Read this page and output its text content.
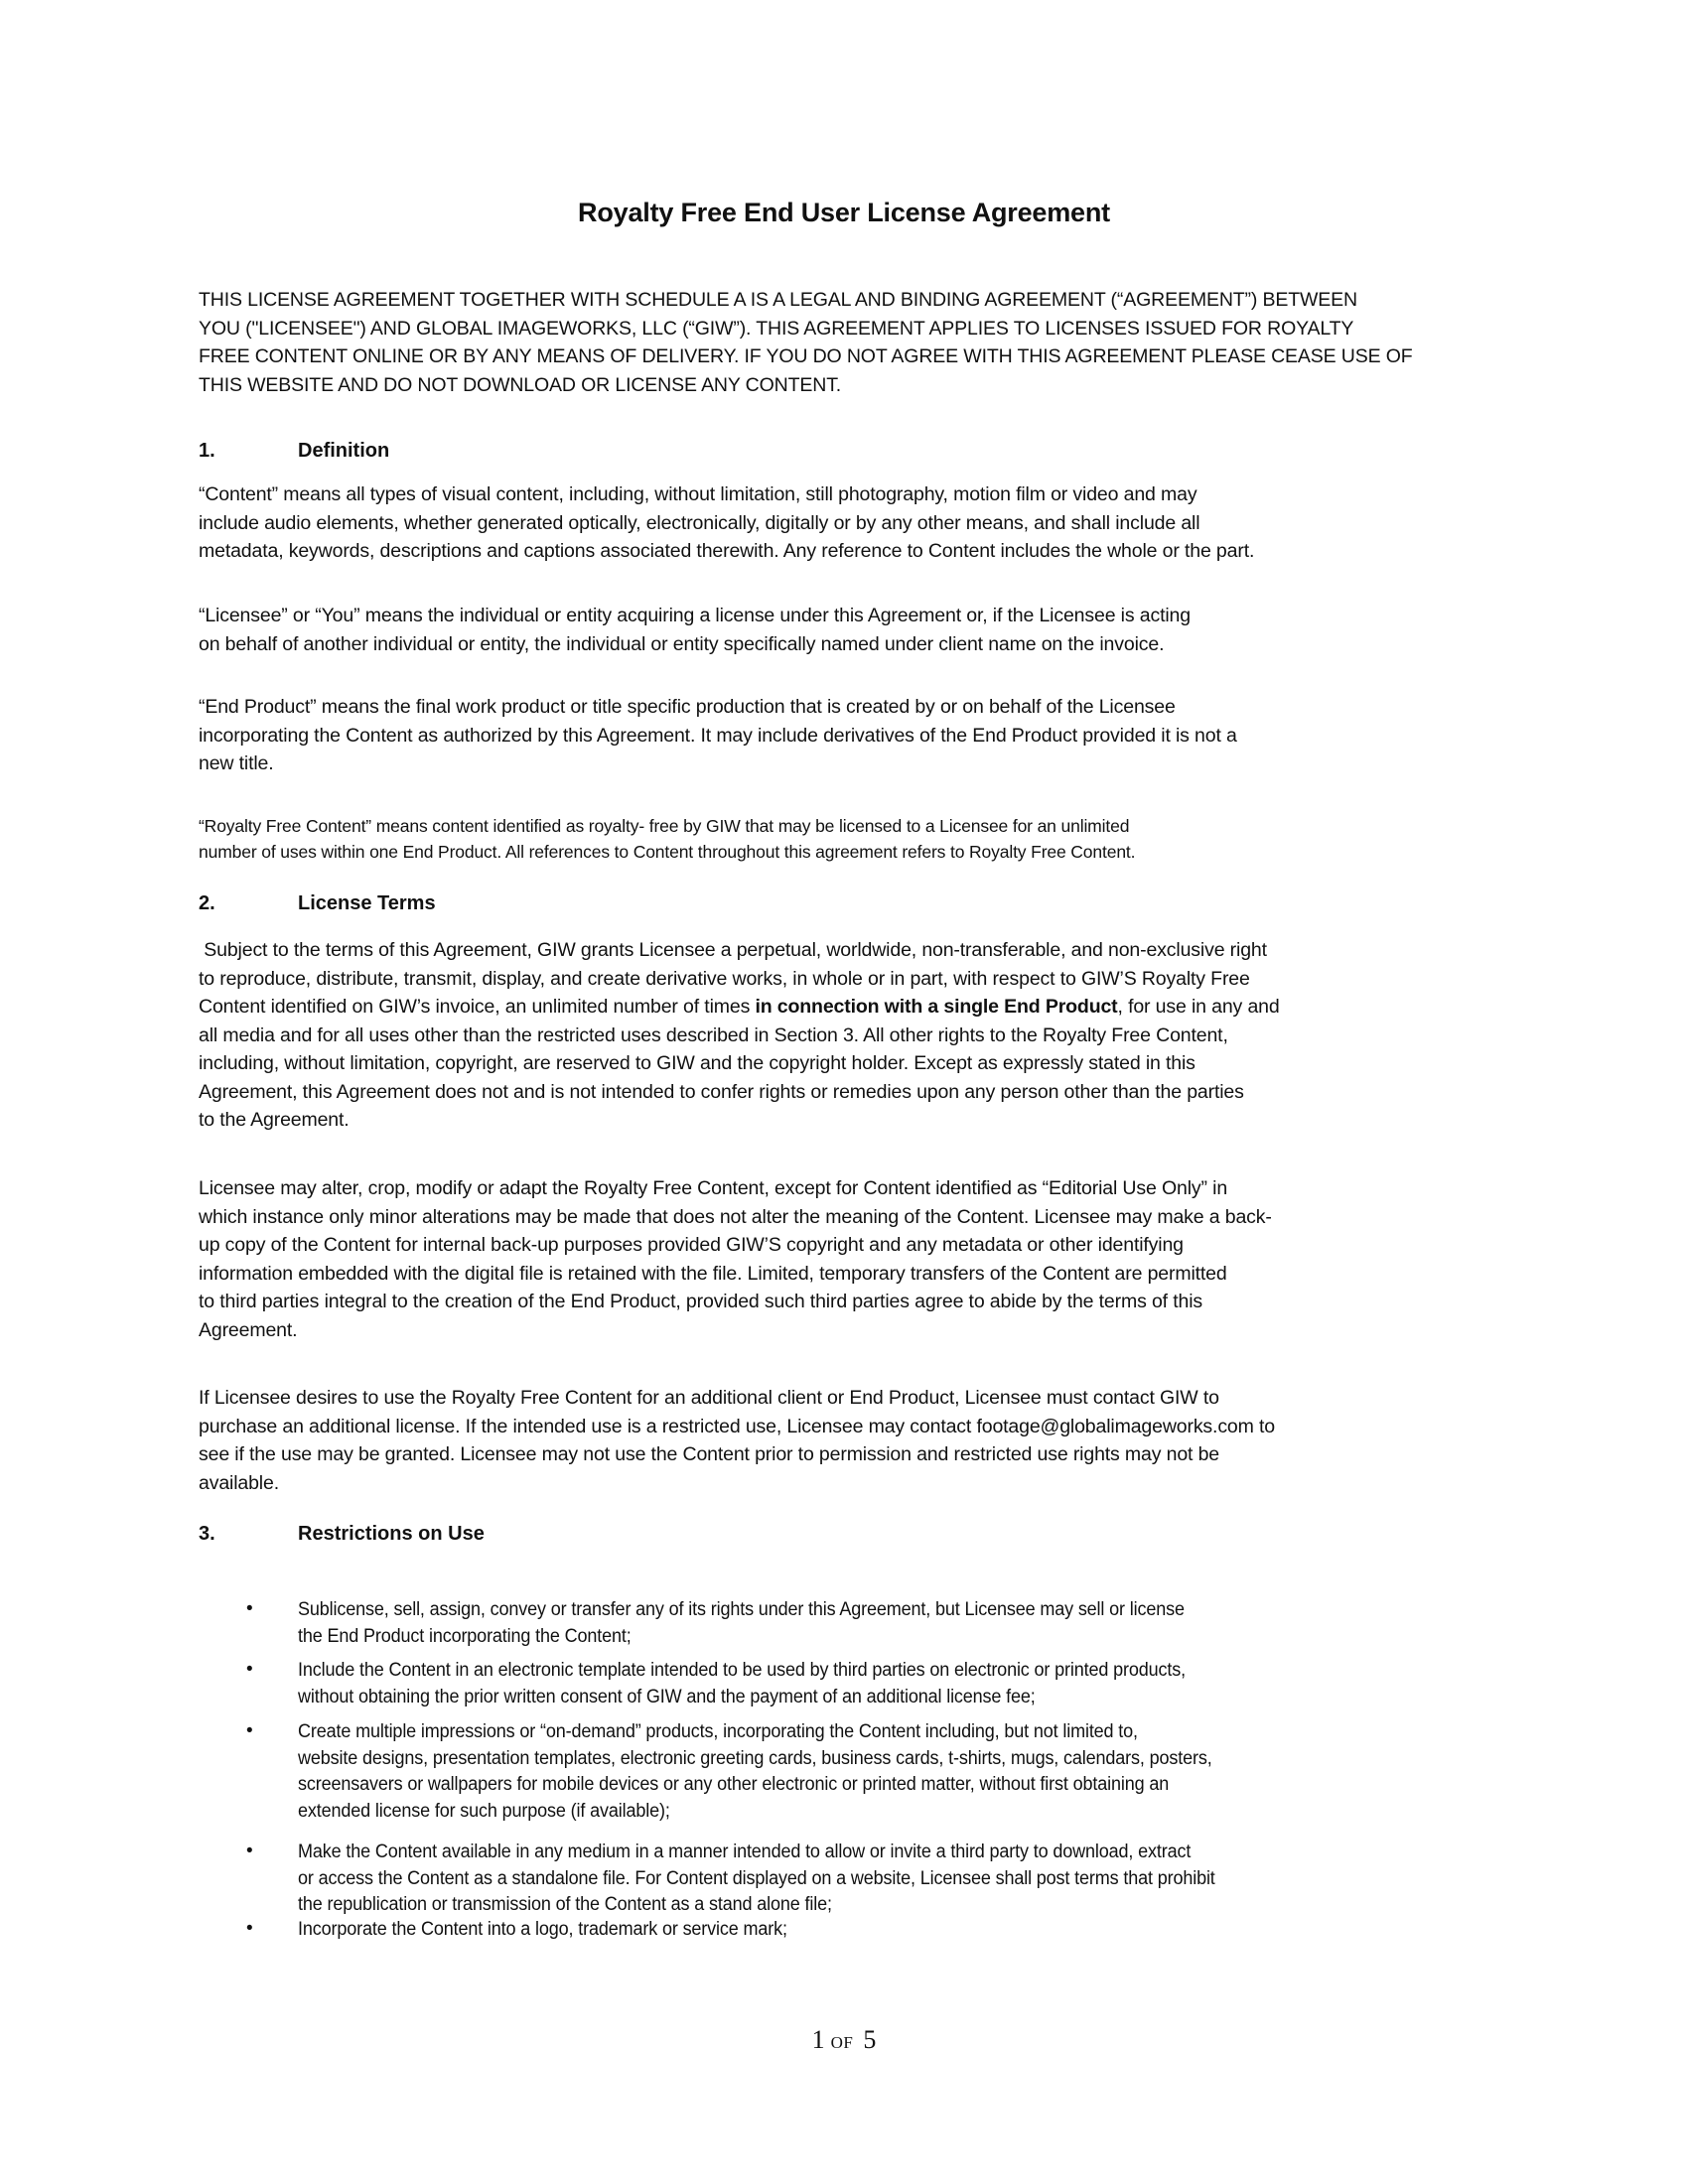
Royalty Free End User License Agreement
THIS LICENSE AGREEMENT TOGETHER WITH SCHEDULE A IS A LEGAL AND BINDING AGREEMENT (“AGREEMENT”) BETWEEN
YOU ("LICENSEE") AND GLOBAL IMAGEWORKS, LLC (“GIW”). THIS AGREEMENT APPLIES TO LICENSES ISSUED FOR ROYALTY
FREE CONTENT ONLINE OR BY ANY MEANS OF DELIVERY. IF YOU DO NOT AGREE WITH THIS AGREEMENT PLEASE CEASE USE OF
THIS WEBSITE AND DO NOT DOWNLOAD OR LICENSE ANY CONTENT.
1.	Definition
“Content” means all types of visual content, including, without limitation, still photography, motion film or video and may
include audio elements, whether generated optically, electronically, digitally or by any other means, and shall include all
metadata, keywords, descriptions and captions associated therewith. Any reference to Content includes the whole or the part.
“Licensee” or “You” means the individual or entity acquiring a license under this Agreement or, if the Licensee is acting
on behalf of another individual or entity, the individual or entity specifically named under client name on the invoice.
“End Product” means the final work product or title specific production that is created by or on behalf of the Licensee
incorporating the Content as authorized by this Agreement. It may include derivatives of the End Product provided it is not a
new title.
“Royalty Free Content” means content identified as royalty- free by GIW that may be licensed to a Licensee for an unlimited
number of uses within one End Product. All references to Content throughout this agreement refers to Royalty Free Content.
2.	License Terms
Subject to the terms of this Agreement, GIW grants Licensee a perpetual, worldwide, non-transferable, and non-exclusive right
to reproduce, distribute, transmit, display, and create derivative works, in whole or in part, with respect to GIW’S Royalty Free
Content identified on GIW’s invoice, an unlimited number of times in connection with a single End Product, for use in any and
all media and for all uses other than the restricted uses described in Section 3. All other rights to the Royalty Free Content,
including, without limitation, copyright, are reserved to GIW and the copyright holder. Except as expressly stated in this
Agreement, this Agreement does not and is not intended to confer rights or remedies upon any person other than the parties
to the Agreement.
Licensee may alter, crop, modify or adapt the Royalty Free Content, except for Content identified as “Editorial Use Only” in
which instance only minor alterations may be made that does not alter the meaning of the Content. Licensee may make a back-
up copy of the Content for internal back-up purposes provided GIW’S copyright and any metadata or other identifying
information embedded with the digital file is retained with the file. Limited, temporary transfers of the Content are permitted
to third parties integral to the creation of the End Product, provided such third parties agree to abide by the terms of this
Agreement.
If Licensee desires to use the Royalty Free Content for an additional client or End Product, Licensee must contact GIW to
purchase an additional license. If the intended use is a restricted use, Licensee may contact footage@globalimageworks.com to
see if the use may be granted. Licensee may not use the Content prior to permission and restricted use rights may not be
available.
3.	Restrictions on Use
• Sublicense, sell, assign, convey or transfer any of its rights under this Agreement, but Licensee may sell or license
the End Product incorporating the Content;
• Include the Content in an electronic template intended to be used by third parties on electronic or printed products,
without obtaining the prior written consent of GIW and the payment of an additional license fee;
• Create multiple impressions or “on-demand” products, incorporating the Content including, but not limited to,
website designs, presentation templates, electronic greeting cards, business cards, t-shirts, mugs, calendars, posters,
screensavers or wallpapers for mobile devices or any other electronic or printed matter, without first obtaining an
extended license for such purpose (if available);
• Make the Content available in any medium in a manner intended to allow or invite a third party to download, extract
or access the Content as a standalone file. For Content displayed on a website, Licensee shall post terms that prohibit
the republication or transmission of the Content as a stand alone file;
• Incorporate the Content into a logo, trademark or service mark;
1 OF 5
